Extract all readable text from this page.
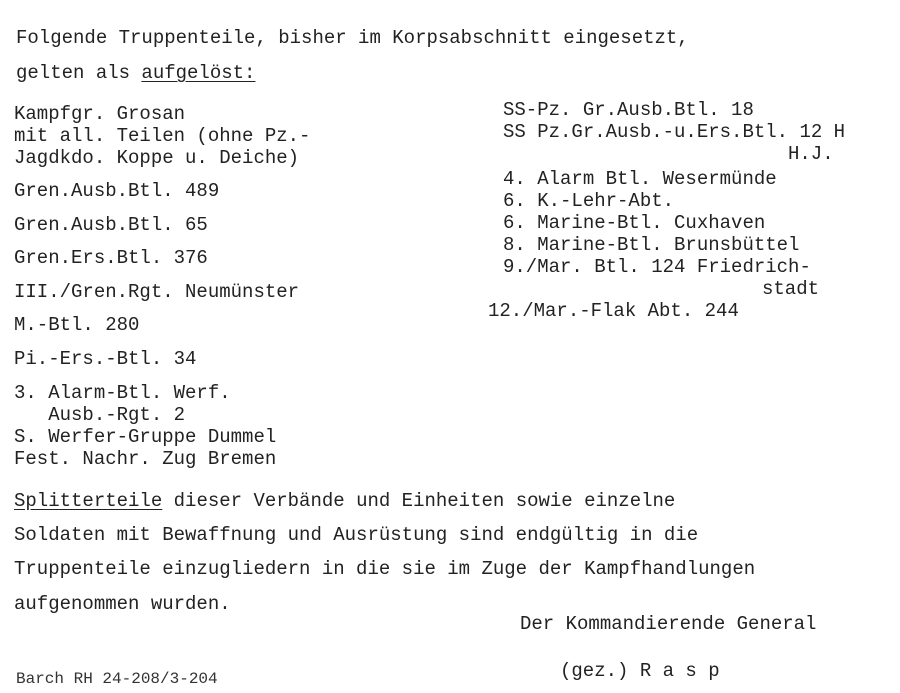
Folgende Truppenteile, bisher im Korpsabschnitt eingesetzt,
gelten als aufgelöst:
Kampfgr. Grosan
mit all. Teilen (ohne Pz.-
Jagdkdo. Koppe u. Deiche)
Gren.Ausb.Btl. 489
Gren.Ausb.Btl. 65
Gren.Ers.Btl. 376
III./Gren.Rgt. Neumünster
M.-Btl. 280
Pi.-Ers.-Btl. 34
3. Alarm-Btl. Werf.
Ausb.-Rgt. 2
S. Werfer-Gruppe Dummel
Fest. Nachr. Zug Bremen
SS-Pz. Gr.Ausb.Btl. 18
SS Pz.Gr.Ausb.-u.Ers.Btl. 12 H
H.J.
4. Alarm Btl. Wesermünde
6. K.-Lehr-Abt.
6. Marine-Btl. Cuxhaven
8. Marine-Btl. Brunsbüttel
9./Mar. Btl. 124 Friedrich-
stadt
12./Mar.-Flak Abt. 244
Splitterteile dieser Verbände und Einheiten sowie einzelne
Soldaten mit Bewaffnung und Ausrüstung sind endgültig in die
Truppenteile einzugliedern in die sie im Zuge der Kampfhandlungen
aufgenommen wurden.
Der Kommandierende General
(gez.) R a s p
Barch RH 24-208/3-204
